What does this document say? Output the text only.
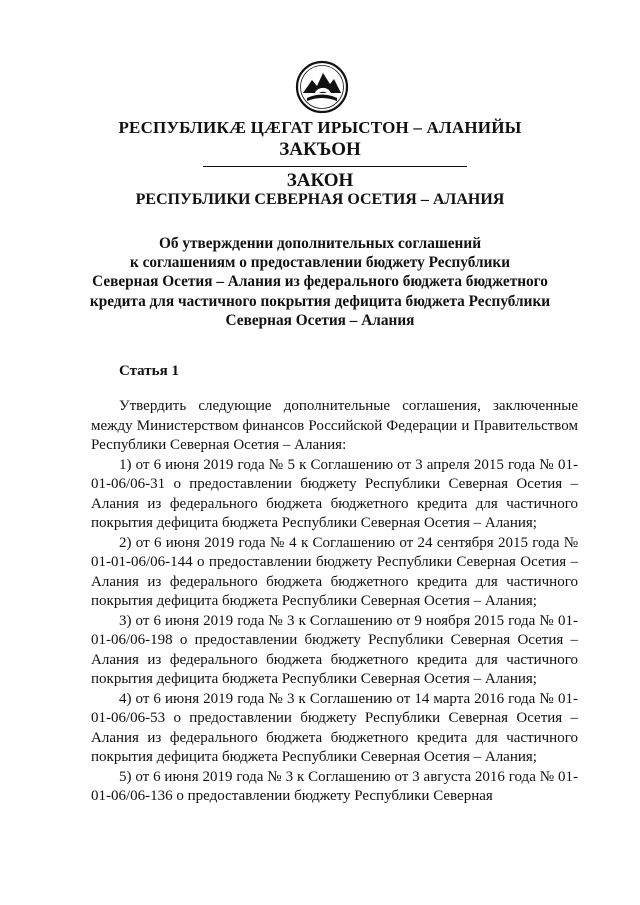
РЕСПУБЛИКӔ ЦӔГАТ ИРЫСТОН – АЛАНИЙЫ
ЗАКЪОН
ЗАКОН
РЕСПУБЛИКИ СЕВЕРНАЯ ОСЕТИЯ – АЛАНИЯ
Об утверждении дополнительных соглашений
к соглашениям о предоставлении бюджету Республики
Северная Осетия – Алания из федерального бюджета бюджетного
кредита для частичного покрытия дефицита бюджета Республики
Северная Осетия – Алания
Статья 1

Утвердить следующие дополнительные соглашения, заключенные между Министерством финансов Российской Федерации и Правительством Республики Северная Осетия – Алания:

1) от 6 июня 2019 года № 5 к Соглашению от 3 апреля 2015 года № 01-01-06/06-31 о предоставлении бюджету Республики Северная Осетия – Алания из федерального бюджета бюджетного кредита для частичного покрытия дефицита бюджета Республики Северная Осетия – Алания;

2) от 6 июня 2019 года № 4 к Соглашению от 24 сентября 2015 года № 01-01-06/06-144 о предоставлении бюджету Республики Северная Осетия – Алания из федерального бюджета бюджетного кредита для частичного покрытия дефицита бюджета Республики Северная Осетия – Алания;

3) от 6 июня 2019 года № 3 к Соглашению от 9 ноября 2015 года № 01-01-06/06-198 о предоставлении бюджету Республики Северная Осетия – Алания из федерального бюджета бюджетного кредита для частичного покрытия дефицита бюджета Республики Северная Осетия – Алания;

4) от 6 июня 2019 года № 3 к Соглашению от 14 марта 2016 года № 01-01-06/06-53 о предоставлении бюджету Республики Северная Осетия – Алания из федерального бюджета бюджетного кредита для частичного покрытия дефицита бюджета Республики Северная Осетия – Алания;

5) от 6 июня 2019 года № 3 к Соглашению от 3 августа 2016 года № 01-01-06/06-136 о предоставлении бюджету Республики Северная
